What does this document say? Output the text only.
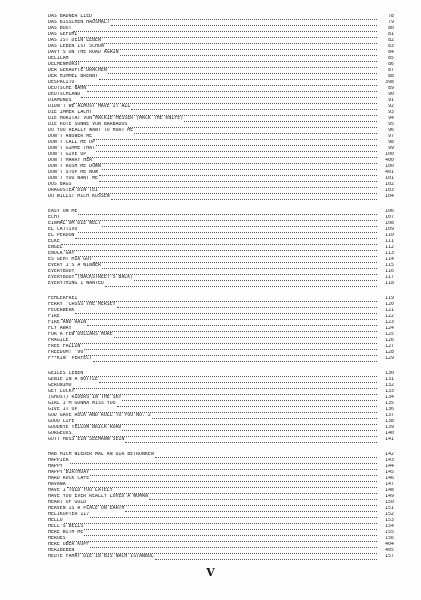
DAS BADNER LIED	78
DAS BISSCHEN HAUSHALT	79
DAS BOOT	80
DAS GEFÜHL	81
DAS IST DEIN LEBEN	82
DAS LEBEN IST SCHÖN	83
DAVY'S ON THE ROAD AGAIN	84
DELILAH	85
DELMENHORST	86
DER GEKAUFTE DRACHEN	87
DER HIMMEL BRENNT	88
DESPACITO	398
DEUTSCHE BAHN	89
DEUTSCHLAND	90
DIAMONDS	91
DIDN'T WE ALMOST HAVE IT ALL	92
DIE IMMER LACHT	93
DIE MORITAT VON MACKIE MESSER (MACK THE KNIFE)	94
DIE ROTE SONNE VON BARBADOS	95
DO YOU REALLY WANT TO HURT ME	96
DON'T ANSWER ME	97
DON'T CALL ME UP	98
DON'T GIMME THAT	99
DON'T GIVE UP	100
DON'T MARRY HER	400
DON'T RUSH ME DOWN	100
DON'T STOP ME NOW	401
DON'T YOU WANT ME	101
DOS BAGS	102
DRAGOSTEA DIN TEI	103
DU WILLST MICH KÜSSEN	104
EASY ON ME	106
ECHT	107
EINMAL UM DIE WELT	108
EL CATTIVO	109
EL PERDÓN	110
ELKE	111
ENGEL	112
ENOLA GAY	113
ES GEHT MIR GUT	114
EVERY 1'S A WINNER	115
EVERYBODY	116
EVERYBODY (BACKSTREET'S BACK)	117
EVERYTHING I WANTED	118
FEHLERFREI	119
FERRY 'CROSS THE MERSEY	120
FEUERWERK	121
FIRE	122
FIRE AND RAIN	123
FLY AWAY	124
FOR A FEW DOLLARS MORE	125
FRAGILE	126
FREE FALLIN'	127
FREEDOM! '90	128
F**KIN' PERFECT	129
GEILES LEBEN	130
GENIE IN A BOTTLE	131
GERONIMO	132
GET LUCKY	133
(GHOST) RIDERS IN THE SKY	134
GIRL I'M GONNA MISS YOU	135
GIVE IT UP	136
GOD GAVE ROCK AND ROLL TO YOU NO. 2	137
GOOD LIFE	138
GOODBYE YELLOW BRICK ROAD	139
GORGEOUS	140
GOTT MUSS EIN SEEMANN SEIN	141
HAB MICH WIEDER MAL AN DIR BETRUNKEN	142
HAPPIER	143
HAPPY	144
HAPPY BIRTHDAY	145
HARD ROCK CAFE	146
HAVANA	147
HAVE I TOLD YOU LATELY	148
HAVE YOU EVER REALLY LOVED A WOMAN	149
HEART OF GOLD	150
HEAVEN IS A PLACE ON EARTH	151
HELIKOPTER 117	152
HELLO	153
HELL'S BELLS	154
HERE WITH ME	155
HEROES	156
HERE ÜBER KOPF	404
HERZBEBEN	405
HEUTE FÄHRT DIE 18 BIS NACH ISTANBUL	157
V
